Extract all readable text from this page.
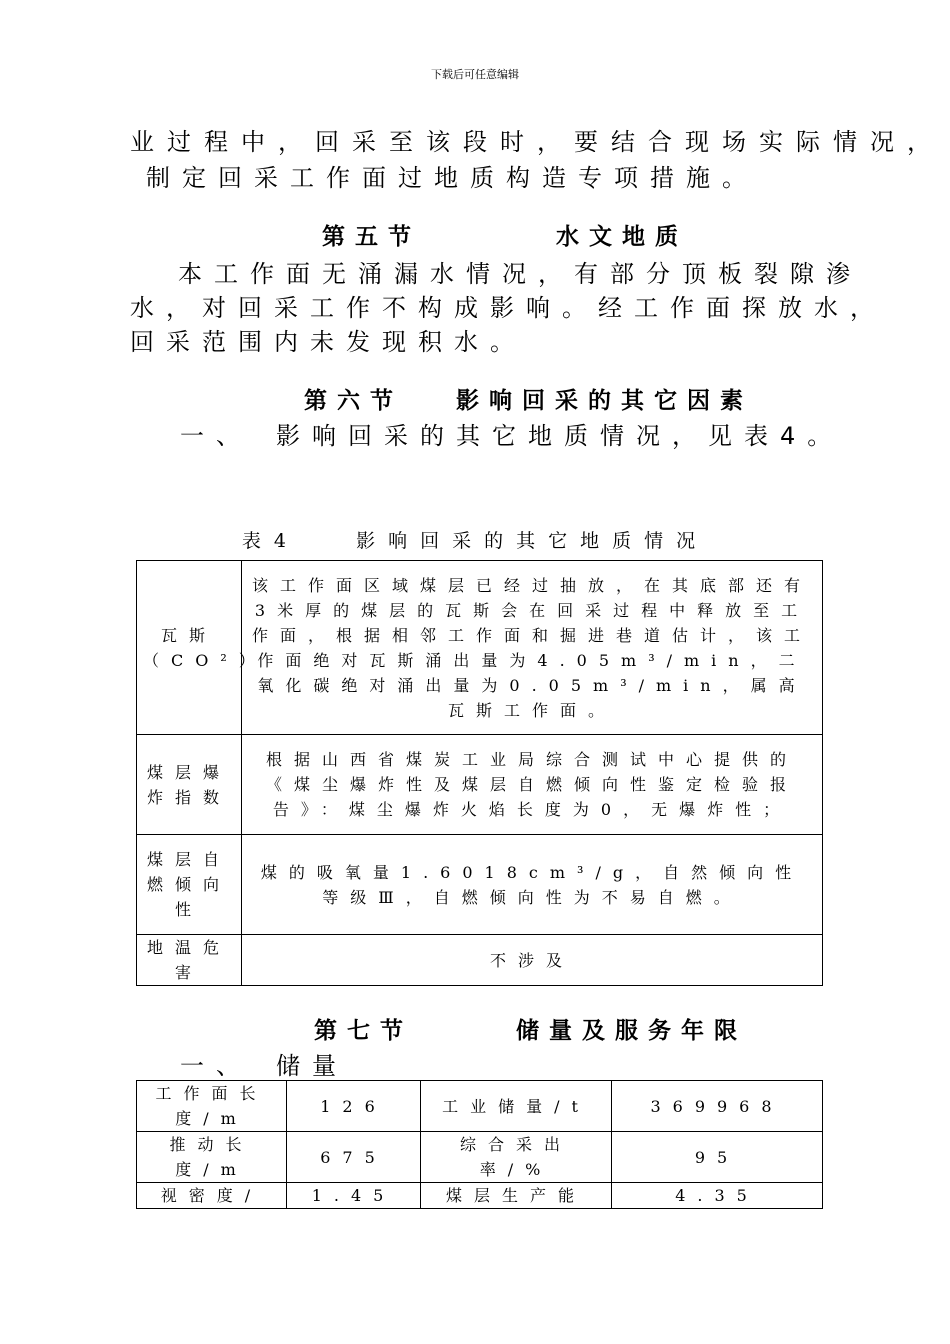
下载后可任意编辑
业过程中，回采至该段时，要结合现场实际情况，
制定回采工作面过地质构造专项措施。
第五节	水文地质
本工作面无涌漏水情况，有部分顶板裂隙渗
水，对回采工作不构成影响。经工作面探放水，
回采范围内未发现积水。
第六节 影响回采的其它因素
一、　影响回采的其它地质情况，见表4。
表4   影响回采的其它地质情况
瓦斯（CO²）	该工作面区域煤层已经过抽放，在其底部还有3米厚的煤层的瓦斯会在回采过程中释放至工作面，根据相邻工作面和掘进巷道估计，该工作面绝对瓦斯涌出量为4.05m³/min，二氧化碳绝对涌出量为0.05m³/min，属高瓦斯工作面。
煤层爆炸指数	根据山西省煤炭工业局综合测试中心提供的《煤尘爆炸性及煤层自燃倾向性鉴定检验报告》：煤尘爆炸火焰长度为0，无爆炸性；
煤层自燃倾向性	煤的吸氧量1.6018cm³/g，自然倾向性等级Ⅲ，自燃倾向性为不易自燃。
地温危害	不涉及
第七节	储量及服务年限
一、　储量
工作面长度/m	126	工业储量/t	369968
推动长度/m	675	综合采出率/%	95
视密度/	1.45	煤层生产能	4.35
